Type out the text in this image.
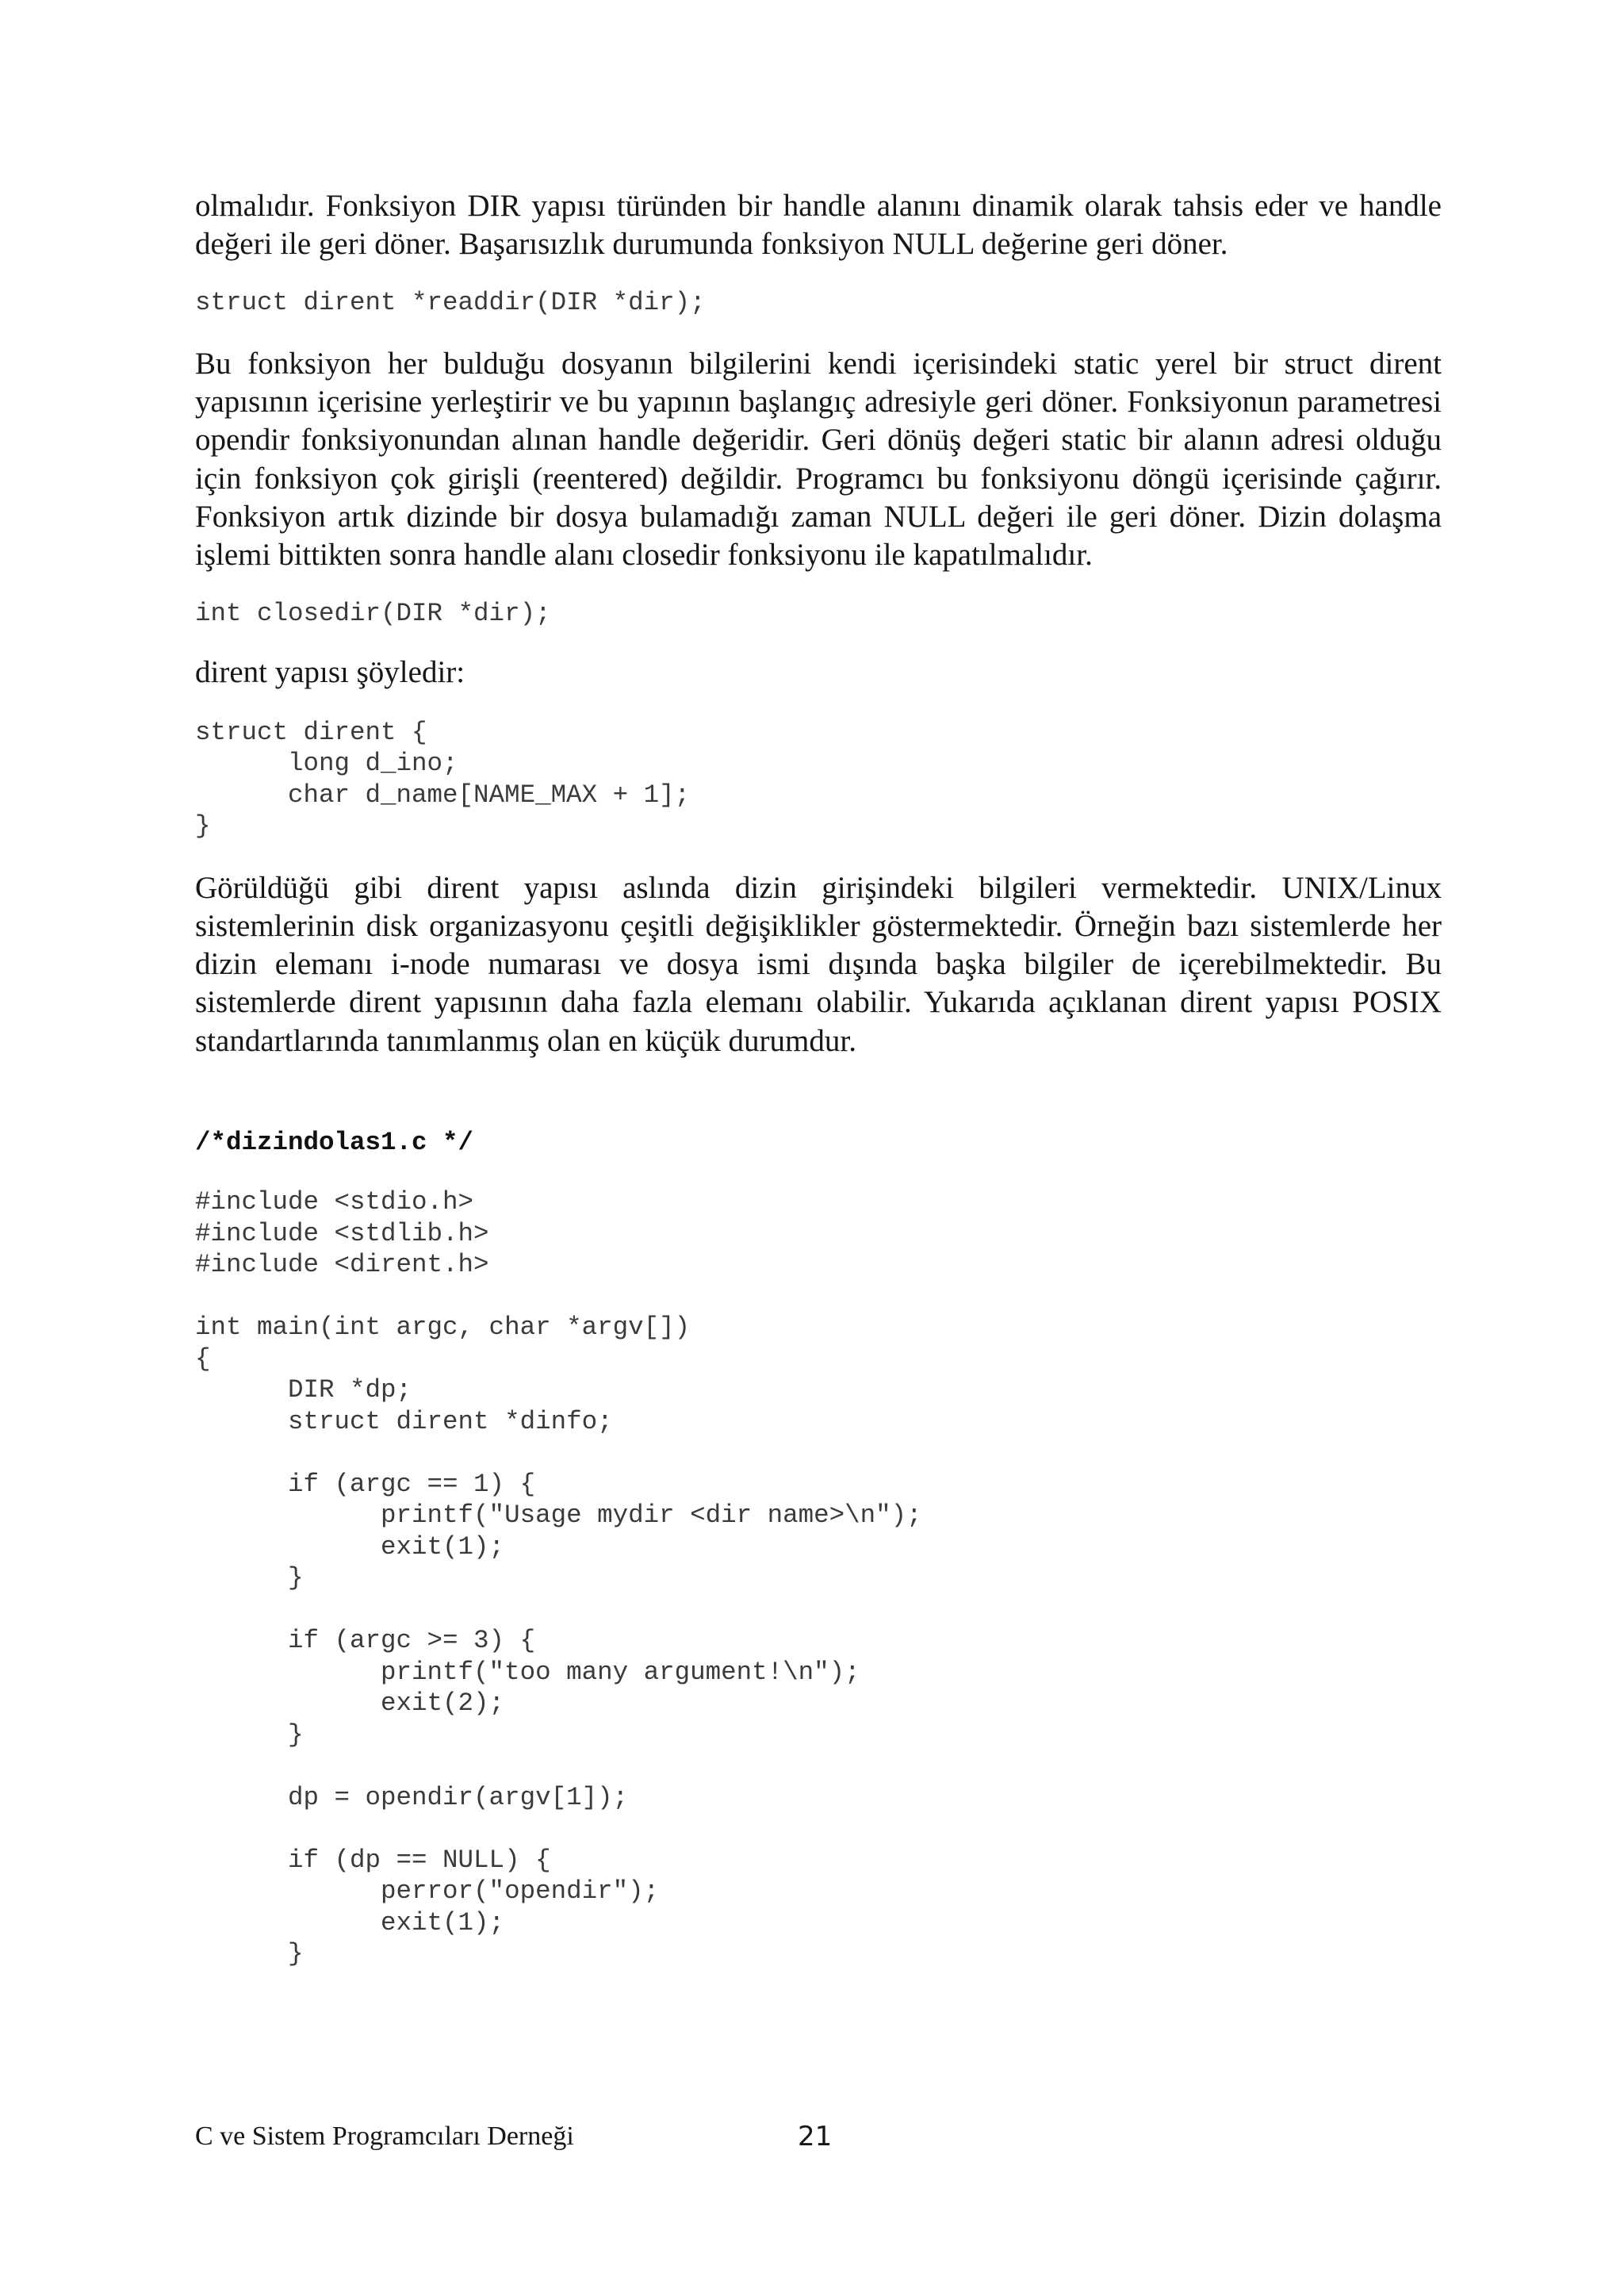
olmalıdır. Fonksiyon DIR yapısı türünden bir handle alanını dinamik olarak tahsis eder ve handle değeri ile geri döner. Başarısızlık durumunda fonksiyon NULL değerine geri döner.

struct dirent *readdir(DIR *dir);

Bu fonksiyon her bulduğu dosyanın bilgilerini kendi içerisindeki static yerel bir struct dirent yapısının içerisine yerleştirir ve bu yapının başlangıç adresiyle geri döner. Fonksiyonun parametresi opendir fonksiyonundan alınan handle değeridir. Geri dönüş değeri static bir alanın adresi olduğu için fonksiyon çok girişli (reentered) değildir. Programcı bu fonksiyonu döngü içerisinde çağırır. Fonksiyon artık dizinde bir dosya bulamadığı zaman NULL değeri ile geri döner. Dizin dolaşma işlemi bittikten sonra handle alanı closedir fonksiyonu ile kapatılmalıdır.

int closedir(DIR *dir);

dirent yapısı şöyledir:

struct dirent {
long d_ino;
char d_name[NAME_MAX + 1];
}

Görüldüğü gibi dirent yapısı aslında dizin girişindeki bilgileri vermektedir. UNIX/Linux sistemlerinin disk organizasyonu çeşitli değişiklikler göstermektedir. Örneğin bazı sistemlerde her dizin elemanı i-node numarası ve dosya ismi dışında başka bilgiler de içerebilmektedir. Bu sistemlerde dirent yapısının daha fazla elemanı olabilir. Yukarıda açıklanan dirent yapısı POSIX standartlarında tanımlanmış olan en küçük durumdur.

/*dizindolas1.c */
#include <stdio.h>
#include <stdlib.h>
#include <dirent.h>

int main(int argc, char *argv[])
{
DIR *dp;
struct dirent *dinfo;

if (argc == 1) {
printf("Usage mydir <dir name>\n");
exit(1);
}

if (argc >= 3) {
printf("too many argument!\n");
exit(2);
}

dp = opendir(argv[1]);

if (dp == NULL) {
perror("opendir");
exit(1);
}
C ve Sistem Programcıları Derneği	21
